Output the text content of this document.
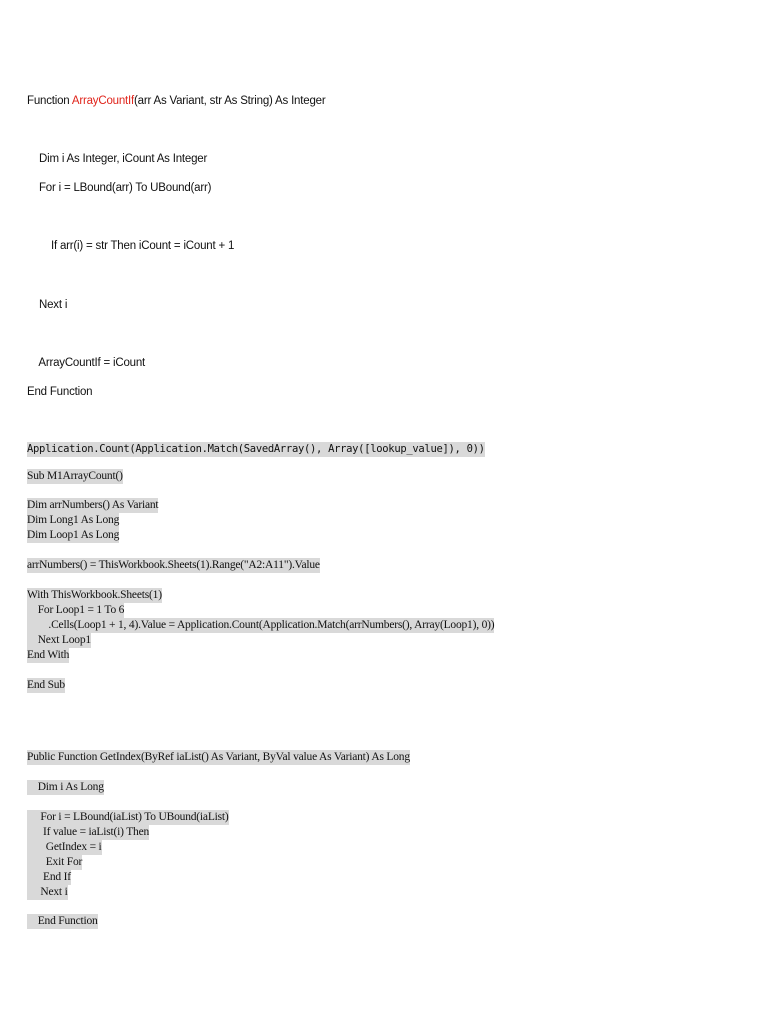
Function ArrayCountIf(arr As Variant, str As String) As Integer
Dim i As Integer, iCount As Integer
For i = LBound(arr) To UBound(arr)
If arr(i) = str Then iCount = iCount + 1
Next i
ArrayCountIf = iCount
End Function
Application.Count(Application.Match(SavedArray(), Array([lookup_value]), 0))
Sub M1ArrayCount()
Dim arrNumbers() As Variant
Dim Long1 As Long
Dim Loop1 As Long
arrNumbers() = ThisWorkbook.Sheets(1).Range("A2:A11").Value
With ThisWorkbook.Sheets(1)
For Loop1 = 1 To 6
.Cells(Loop1 + 1, 4).Value = Application.Count(Application.Match(arrNumbers(), Array(Loop1), 0))
Next Loop1
End With
End Sub
Public Function GetIndex(ByRef iaList() As Variant, ByVal value As Variant) As Long
Dim i As Long
For i = LBound(iaList) To UBound(iaList)
If value = iaList(i) Then
GetIndex = i
Exit For
End If
Next i
End Function
